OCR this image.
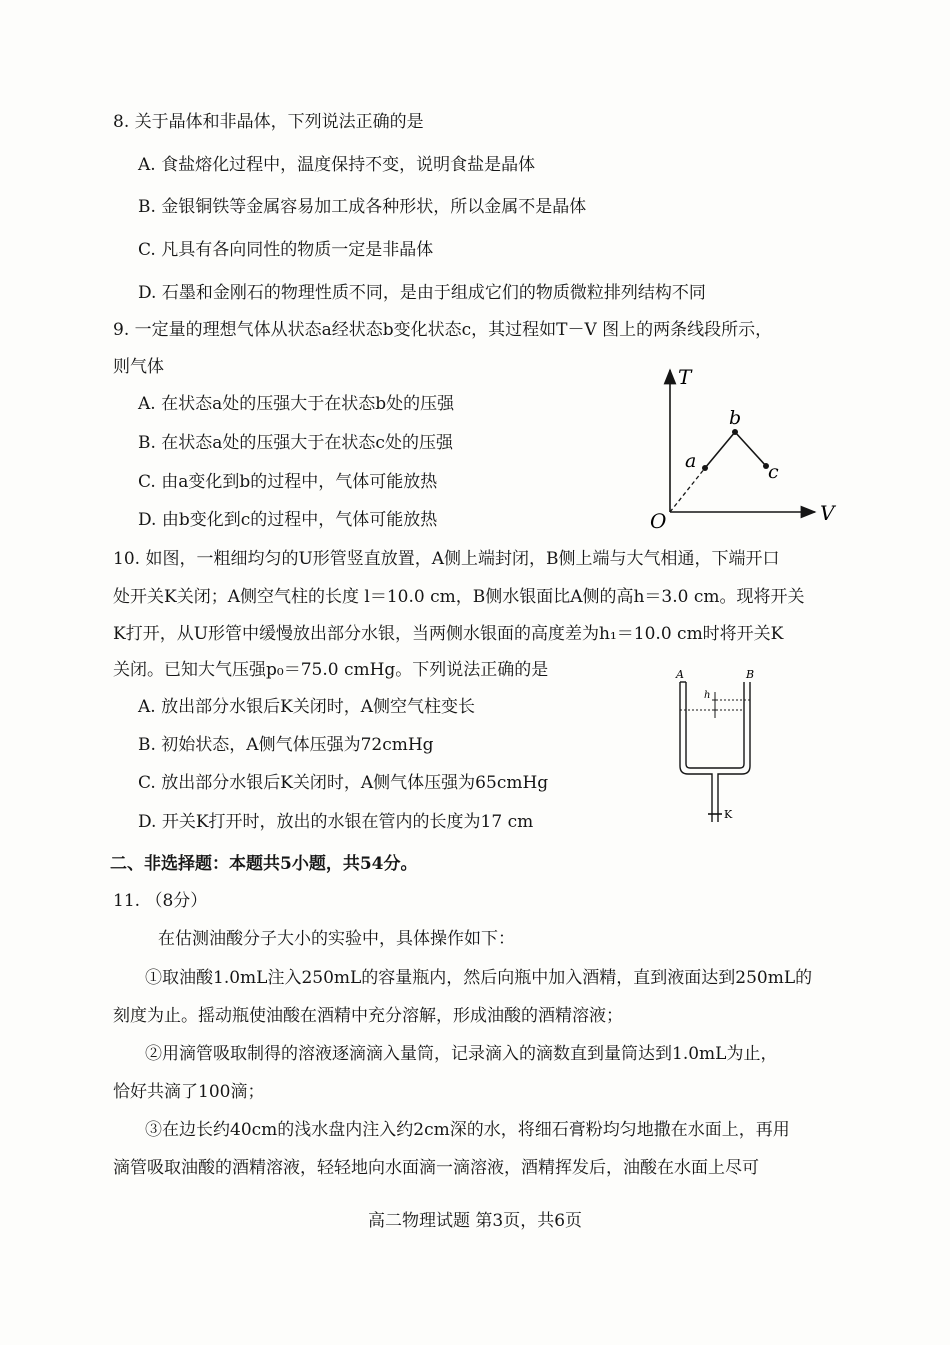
8. 关于晶体和非晶体，下列说法正确的是
A. 食盐熔化过程中，温度保持不变，说明食盐是晶体
B. 金银铜铁等金属容易加工成各种形状，所以金属不是晶体
C. 凡具有各向同性的物质一定是非晶体
D. 石墨和金刚石的物理性质不同，是由于组成它们的物质微粒排列结构不同
9. 一定量的理想气体从状态a经状态b变化状态c，其过程如T－V 图上的两条线段所示，
则气体
A. 在状态a处的压强大于在状态b处的压强
B. 在状态a处的压强大于在状态c处的压强
C. 由a变化到b的过程中，气体可能放热
D. 由b变化到c的过程中，气体可能放热
T
V
O
a
b
c
10. 如图，一粗细均匀的U形管竖直放置，A侧上端封闭，B侧上端与大气相通，下端开口
处开关K关闭；A侧空气柱的长度 l＝10.0 cm，B侧水银面比A侧的高h＝3.0 cm。现将开关
K打开，从U形管中缓慢放出部分水银，当两侧水银面的高度差为h₁＝10.0 cm时将开关K
关闭。已知大气压强p₀＝75.0 cmHg。下列说法正确的是
A. 放出部分水银后K关闭时，A侧空气柱变长
B. 初始状态，A侧气体压强为72cmHg
C. 放出部分水银后K关闭时，A侧气体压强为65cmHg
D. 开关K打开时，放出的水银在管内的长度为17 cm
A	B
h
K
二、非选择题：本题共5小题，共54分。
11. （8分）
在估测油酸分子大小的实验中，具体操作如下：
①取油酸1.0mL注入250mL的容量瓶内，然后向瓶中加入酒精，直到液面达到250mL的
刻度为止。摇动瓶使油酸在酒精中充分溶解，形成油酸的酒精溶液；
②用滴管吸取制得的溶液逐滴滴入量筒，记录滴入的滴数直到量筒达到1.0mL为止，
恰好共滴了100滴；
③在边长约40cm的浅水盘内注入约2cm深的水，将细石膏粉均匀地撒在水面上，再用
滴管吸取油酸的酒精溶液，轻轻地向水面滴一滴溶液，酒精挥发后，油酸在水面上尽可
高二物理试题 第3页，共6页
